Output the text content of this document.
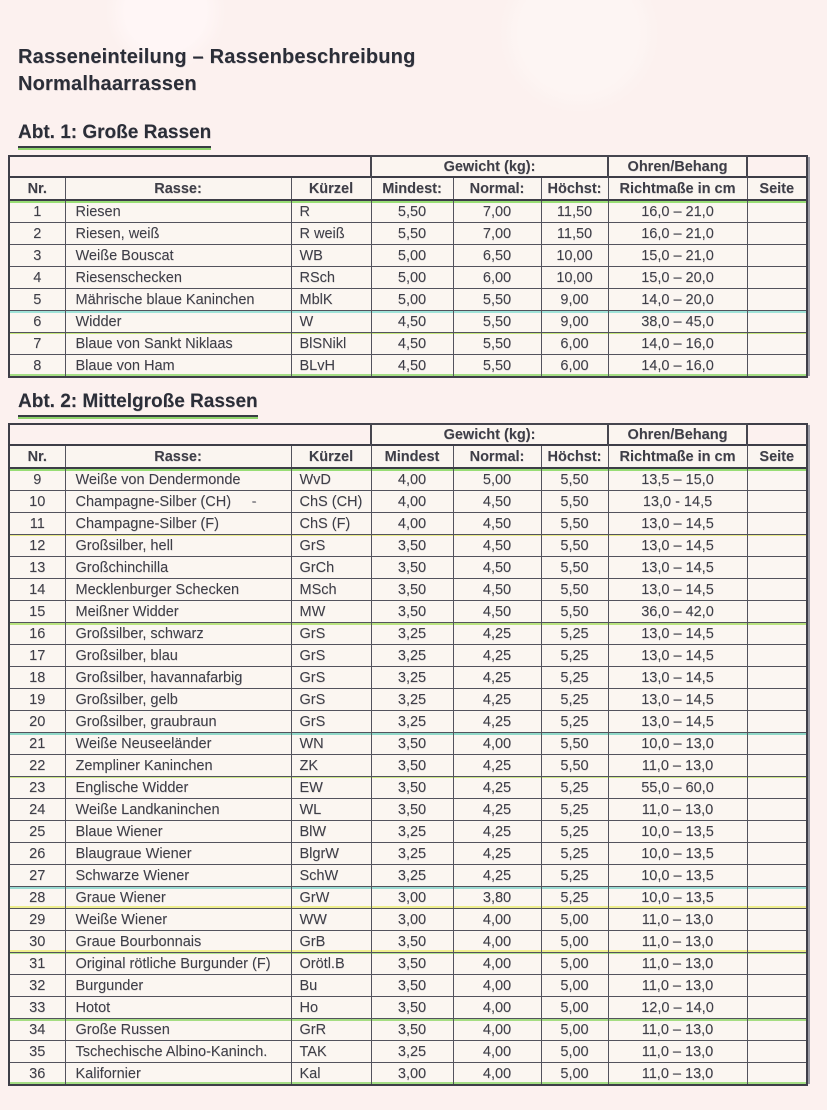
Rasseneinteilung – Rassenbeschreibung
Normalhaarrassen
Abt. 1: Große Rassen
			Gewicht (kg):			Ohren/Behang	
Nr.	Rasse:	Kürzel	Mindest:	Normal:	Höchst:	Richtmaße in cm	Seite
1	Riesen	R	5,50	7,00	11,50	16,0 – 21,0	
2	Riesen, weiß	R weiß	5,50	7,00	11,50	16,0 – 21,0	
3	Weiße Bouscat	WB	5,00	6,50	10,00	15,0 – 21,0	
4	Riesenschecken	RSch	5,00	6,00	10,00	15,0 – 20,0	
5	Mährische blaue Kaninchen	MblK	5,00	5,50	9,00	14,0 – 20,0	
6	Widder	W	4,50	5,50	9,00	38,0 – 45,0	
7	Blaue von Sankt Niklaas	BlSNikl	4,50	5,50	6,00	14,0 – 16,0	
8	Blaue von Ham	BLvH	4,50	5,50	6,00	14,0 – 16,0	
Abt. 2: Mittelgroße Rassen
			Gewicht (kg):			Ohren/Behang	
Nr.	Rasse:	Kürzel	Mindest	Normal:	Höchst:	Richtmaße in cm	Seite
9	Weiße von Dendermonde	WvD	4,00	5,00	5,50	13,5 – 15,0	
10	Champagne-Silber (CH) -	ChS (CH)	4,00	4,50	5,50	13,0 - 14,5	
11	Champagne-Silber (F)	ChS (F)	4,00	4,50	5,50	13,0 – 14,5	
12	Großsilber, hell	GrS	3,50	4,50	5,50	13,0 – 14,5	
13	Großchinchilla	GrCh	3,50	4,50	5,50	13,0 – 14,5	
14	Mecklenburger Schecken	MSch	3,50	4,50	5,50	13,0 – 14,5	
15	Meißner Widder	MW	3,50	4,50	5,50	36,0 – 42,0	
16	Großsilber, schwarz	GrS	3,25	4,25	5,25	13,0 – 14,5	
17	Großsilber, blau	GrS	3,25	4,25	5,25	13,0 – 14,5	
18	Großsilber, havannafarbig	GrS	3,25	4,25	5,25	13,0 – 14,5	
19	Großsilber, gelb	GrS	3,25	4,25	5,25	13,0 – 14,5	
20	Großsilber, graubraun	GrS	3,25	4,25	5,25	13,0 – 14,5	
21	Weiße Neuseeländer	WN	3,50	4,00	5,50	10,0 – 13,0	
22	Zempliner Kaninchen	ZK	3,50	4,25	5,50	11,0 – 13,0	
23	Englische Widder	EW	3,50	4,25	5,25	55,0 – 60,0	
24	Weiße Landkaninchen	WL	3,50	4,25	5,25	11,0 – 13,0	
25	Blaue Wiener	BlW	3,25	4,25	5,25	10,0 – 13,5	
26	Blaugraue Wiener	BlgrW	3,25	4,25	5,25	10,0 – 13,5	
27	Schwarze Wiener	SchW	3,25	4,25	5,25	10,0 – 13,5	
28	Graue Wiener	GrW	3,00	3,80	5,25	10,0 – 13,5	
29	Weiße Wiener	WW	3,00	4,00	5,00	11,0 – 13,0	
30	Graue Bourbonnais	GrB	3,50	4,00	5,00	11,0 – 13,0	
31	Original rötliche Burgunder (F)	Orötl.B	3,50	4,00	5,00	11,0 – 13,0	
32	Burgunder	Bu	3,50	4,00	5,00	11,0 – 13,0	
33	Hotot	Ho	3,50	4,00	5,00	12,0 – 14,0	
34	Große Russen	GrR	3,50	4,00	5,00	11,0 – 13,0	
35	Tschechische Albino-Kaninch.	TAK	3,25	4,00	5,00	11,0 – 13,0	
36	Kalifornier	Kal	3,00	4,00	5,00	11,0 – 13,0	
